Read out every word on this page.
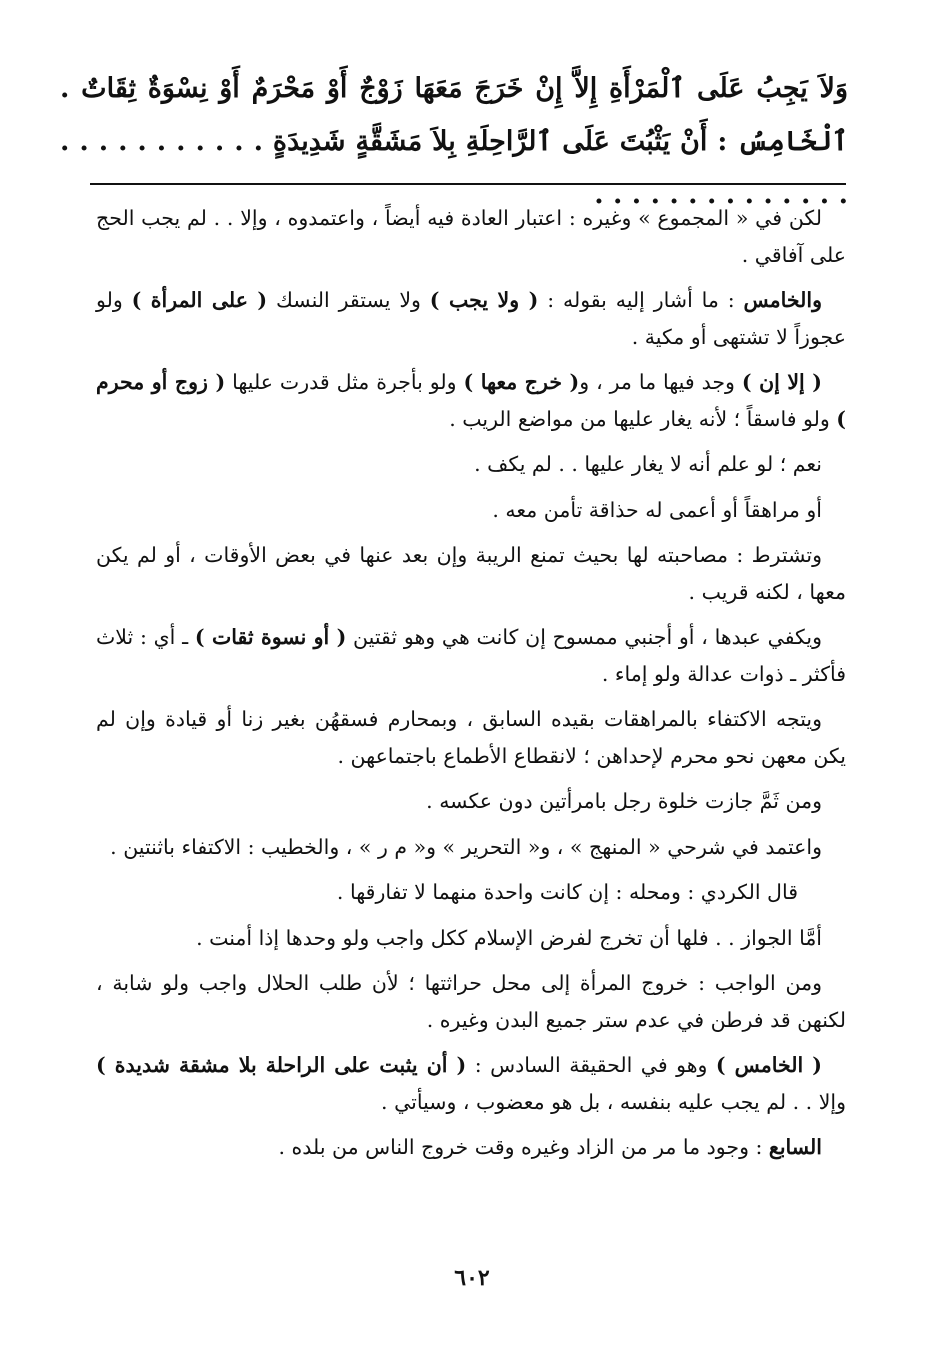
وَلاَ يَجِبُ عَلَى ٱلْمَرْأَةِ إِلاَّ إِنْ خَرَجَ مَعَهَا زَوْجٌ أَوْ مَحْرَمٌ أَوْ نِسْوَةٌ ثِقَاتٌ . ٱلْخَامِسُ : أَنْ يَثْبُتَ عَلَى ٱلرَّاحِلَةِ بِلاَ مَشَقَّةٍ شَدِيدَةٍ . . . . . . . . . . . . . . . . . . . . . . . . .

لكن في « المجموع » وغيره : اعتبار العادة فيه أيضاً ، واعتمدوه ، وإلا . . لم يجب الحج على آفاقي .

والخامس : ما أشار إليه بقوله : ( ولا يجب ) ولا يستقر النسك ( على المرأة ) ولو عجوزاً لا تشتهى أو مكية .

( إلا إن ) وجد فيها ما مر ، و( خرج معها ) ولو بأجرة مثل قدرت عليها ( زوج أو محرم ) ولو فاسقاً ؛ لأنه يغار عليها من مواضع الريب .

نعم ؛ لو علم أنه لا يغار عليها . . لم يكف .

أو مراهقاً أو أعمى له حذاقة تأمن معه .

وتشترط : مصاحبته لها بحيث تمنع الريبة وإن بعد عنها في بعض الأوقات ، أو لم يكن معها ، لكنه قريب .

ويكفي عبدها ، أو أجنبي ممسوح إن كانت هي وهو ثقتين ( أو نسوة ثقات ) ـ أي : ثلاث فأكثر ـ ذوات عدالة ولو إماء .

ويتجه الاكتفاء بالمراهقات بقيده السابق ، وبمحارم فسقهُن بغير زنا أو قيادة وإن لم يكن معهن نحو محرم لإحداهن ؛ لانقطاع الأطماع باجتماعهن .

ومن ثَمَّ جازت خلوة رجل بامرأتين دون عكسه .

واعتمد في شرحي « المنهج » ، و« التحرير » و« م ر » ، والخطيب : الاكتفاء باثنتين .

قال الكردي : ومحله : إن كانت واحدة منهما لا تفارقها .

أمَّا الجواز . . فلها أن تخرج لفرض الإسلام ككل واجب ولو وحدها إذا أمنت .

ومن الواجب : خروج المرأة إلى محل حراثتها ؛ لأن طلب الحلال واجب ولو شابة ، لكنهن قد فرطن في عدم ستر جميع البدن وغيره .

( الخامس ) وهو في الحقيقة السادس : ( أن يثبت على الراحلة بلا مشقة شديدة ) وإلا . . لم يجب عليه بنفسه ، بل هو معضوب ، وسيأتي .

السابع : وجود ما مر من الزاد وغيره وقت خروج الناس من بلده .

٦٠٢
